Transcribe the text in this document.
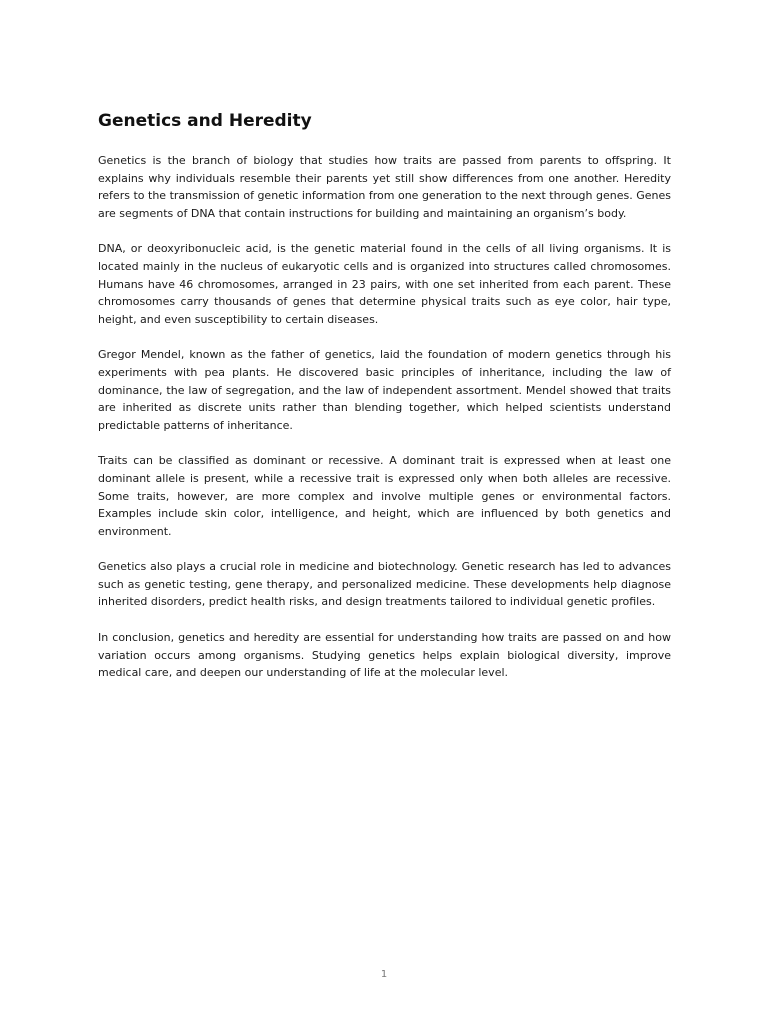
Genetics and Heredity

Genetics is the branch of biology that studies how traits are passed from parents to offspring. It explains why individuals resemble their parents yet still show differences from one another. Heredity refers to the transmission of genetic information from one generation to the next through genes. Genes are segments of DNA that contain instructions for building and maintaining an organism’s body.

DNA, or deoxyribonucleic acid, is the genetic material found in the cells of all living organisms. It is located mainly in the nucleus of eukaryotic cells and is organized into structures called chromosomes. Humans have 46 chromosomes, arranged in 23 pairs, with one set inherited from each parent. These chromosomes carry thousands of genes that determine physical traits such as eye color, hair type, height, and even susceptibility to certain diseases.

Gregor Mendel, known as the father of genetics, laid the foundation of modern genetics through his experiments with pea plants. He discovered basic principles of inheritance, including the law of dominance, the law of segregation, and the law of independent assortment. Mendel showed that traits are inherited as discrete units rather than blending together, which helped scientists understand predictable patterns of inheritance.

Traits can be classified as dominant or recessive. A dominant trait is expressed when at least one dominant allele is present, while a recessive trait is expressed only when both alleles are recessive. Some traits, however, are more complex and involve multiple genes or environmental factors. Examples include skin color, intelligence, and height, which are influenced by both genetics and environment.

Genetics also plays a crucial role in medicine and biotechnology. Genetic research has led to advances such as genetic testing, gene therapy, and personalized medicine. These developments help diagnose inherited disorders, predict health risks, and design treatments tailored to individual genetic profiles.

In conclusion, genetics and heredity are essential for understanding how traits are passed on and how variation occurs among organisms. Studying genetics helps explain biological diversity, improve medical care, and deepen our understanding of life at the molecular level.

1
